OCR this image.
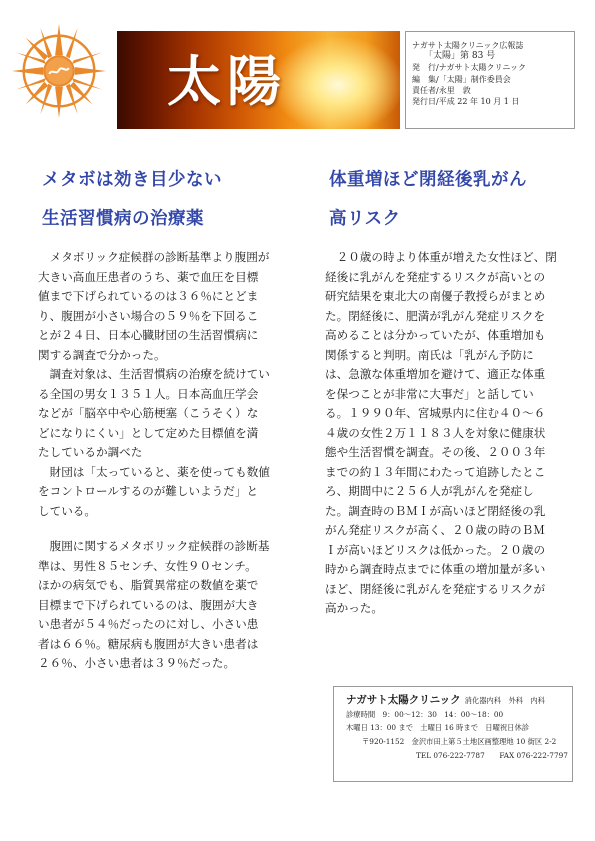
太陽
ナガサト太陽クリニック広報誌
「太陽」第 83 号
発　行/ナガサト太陽クリニック
編　集/「太陽」制作委員会
責任者/永里　敦
発行日/平成 22 年 10 月 1 日
メタボは効き目少ない
生活習慣病の治療薬
体重増ほど閉経後乳がん
高リスク
　メタボリック症候群の診断基準より腹囲が
大きい高血圧患者のうち、薬で血圧を目標
値まで下げられているのは３６％にとどま
り、腹囲が小さい場合の５９％を下回るこ
とが２４日、日本心臓財団の生活習慣病に
関する調査で分かった。
　調査対象は、生活習慣病の治療を続けてい
る全国の男女１３５１人。日本高血圧学会
などが「脳卒中や心筋梗塞（こうそく）な
どになりにくい」として定めた目標値を満
たしているか調べた
　財団は「太っていると、薬を使っても数値
をコントロールするのが難しいようだ」と
している。
　腹囲に関するメタボリック症候群の診断基
準は、男性８５センチ、女性９０センチ。
ほかの病気でも、脂質異常症の数値を薬で
目標まで下げられているのは、腹囲が大き
い患者が５４％だったのに対し、小さい患
者は６６％。糖尿病も腹囲が大きい患者は
２６％、小さい患者は３９％だった。
　２０歳の時より体重が増えた女性ほど、閉
経後に乳がんを発症するリスクが高いとの
研究結果を東北大の南優子教授らがまとめ
た。閉経後に、肥満が乳がん発症リスクを
高めることは分かっていたが、体重増加も
関係すると判明。南氏は「乳がん予防に
は、急激な体重増加を避けて、適正な体重
を保つことが非常に大事だ」と話してい
る。１９９０年、宮城県内に住む４０～６
４歳の女性２万１１８３人を対象に健康状
態や生活習慣を調査。その後、２００３年
までの約１３年間にわたって追跡したとこ
ろ、期間中に２５６人が乳がんを発症し
た。調査時のＢＭＩが高いほど閉経後の乳
がん発症リスクが高く、２０歳の時のＢＭ
Ｉが高いほどリスクは低かった。２０歳の
時から調査時点までに体重の増加量が多い
ほど、閉経後に乳がんを発症するリスクが
高かった。
ナガサト太陽クリニック 消化器内科　外科　内科
診療時間　9：00～12：30　14：00～18：00
木曜日 13：00 まで　土曜日 16 時まで　日曜祝日休診
〒920-1152　金沢市田上第５土地区画整理地 10 街区 2-2
TEL 076-222-7787　　 FAX 076-222-7797
